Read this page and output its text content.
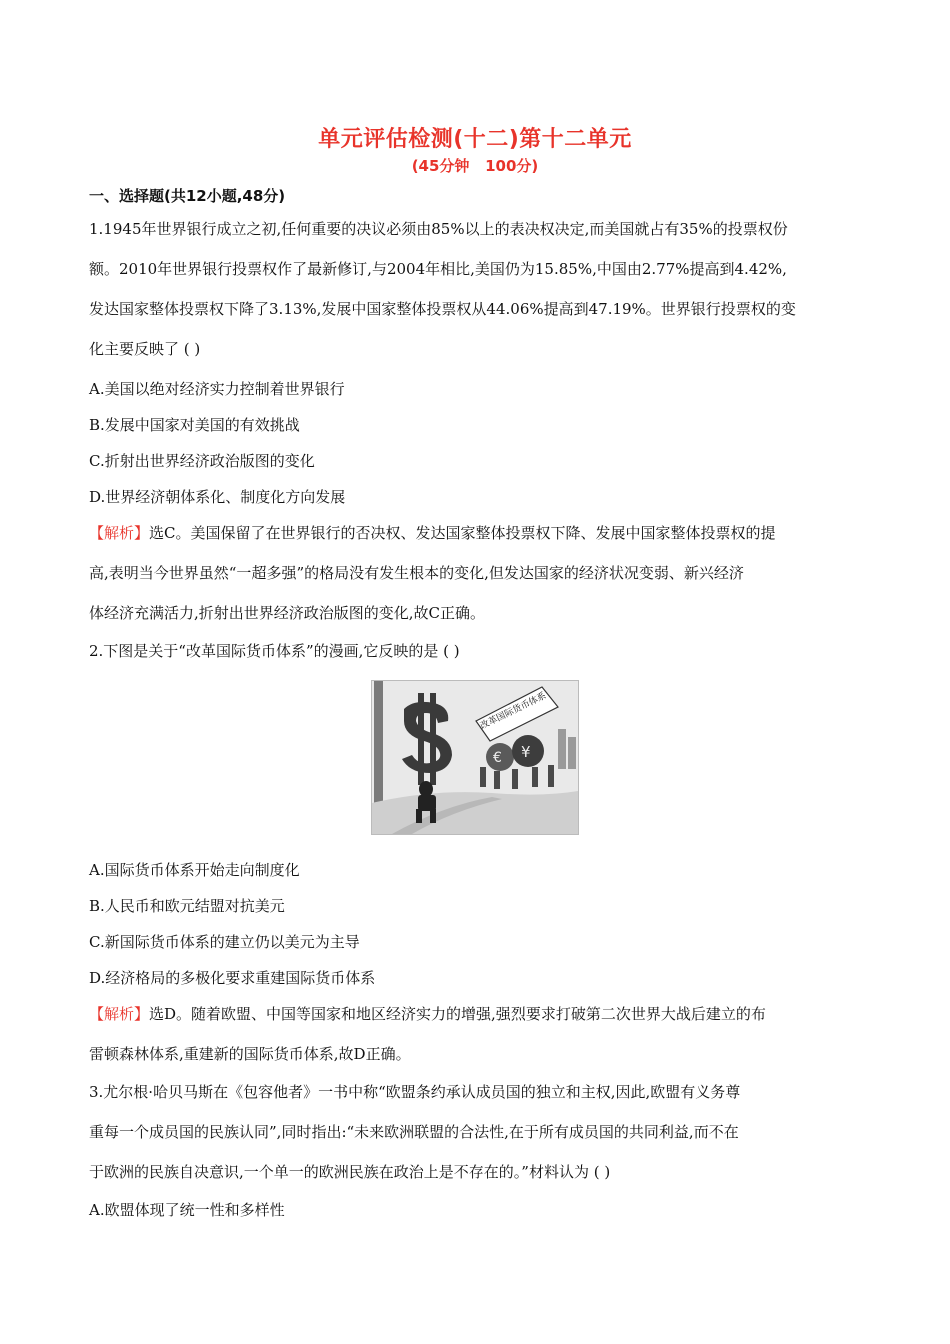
单元评估检测(十二)第十二单元
(45分钟   100分)
一、选择题(共12小题,48分)
1.1945年世界银行成立之初,任何重要的决议必须由85%以上的表决权决定,而美国就占有35%的投票权份
额。2010年世界银行投票权作了最新修订,与2004年相比,美国仍为15.85%,中国由2.77%提高到4.42%,
发达国家整体投票权下降了3.13%,发展中国家整体投票权从44.06%提高到47.19%。世界银行投票权的变
化主要反映了 ( )
A.美国以绝对经济实力控制着世界银行
B.发展中国家对美国的有效挑战
C.折射出世界经济政治版图的变化
D.世界经济朝体系化、制度化方向发展
【解析】选C。美国保留了在世界银行的否决权、发达国家整体投票权下降、发展中国家整体投票权的提
高,表明当今世界虽然“一超多强”的格局没有发生根本的变化,但发达国家的经济状况变弱、新兴经济
体经济充满活力,折射出世界经济政治版图的变化,故C正确。
2.下图是关于“改革国际货币体系”的漫画,它反映的是 ( )
改革国际货币体系
€ ¥
A.国际货币体系开始走向制度化
B.人民币和欧元结盟对抗美元
C.新国际货币体系的建立仍以美元为主导
D.经济格局的多极化要求重建国际货币体系
【解析】选D。随着欧盟、中国等国家和地区经济实力的增强,强烈要求打破第二次世界大战后建立的布
雷顿森林体系,重建新的国际货币体系,故D正确。
3.尤尔根·哈贝马斯在《包容他者》一书中称“欧盟条约承认成员国的独立和主权,因此,欧盟有义务尊
重每一个成员国的民族认同”,同时指出:“未来欧洲联盟的合法性,在于所有成员国的共同利益,而不在
于欧洲的民族自决意识,一个单一的欧洲民族在政治上是不存在的。”材料认为 ( )
A.欧盟体现了统一性和多样性
